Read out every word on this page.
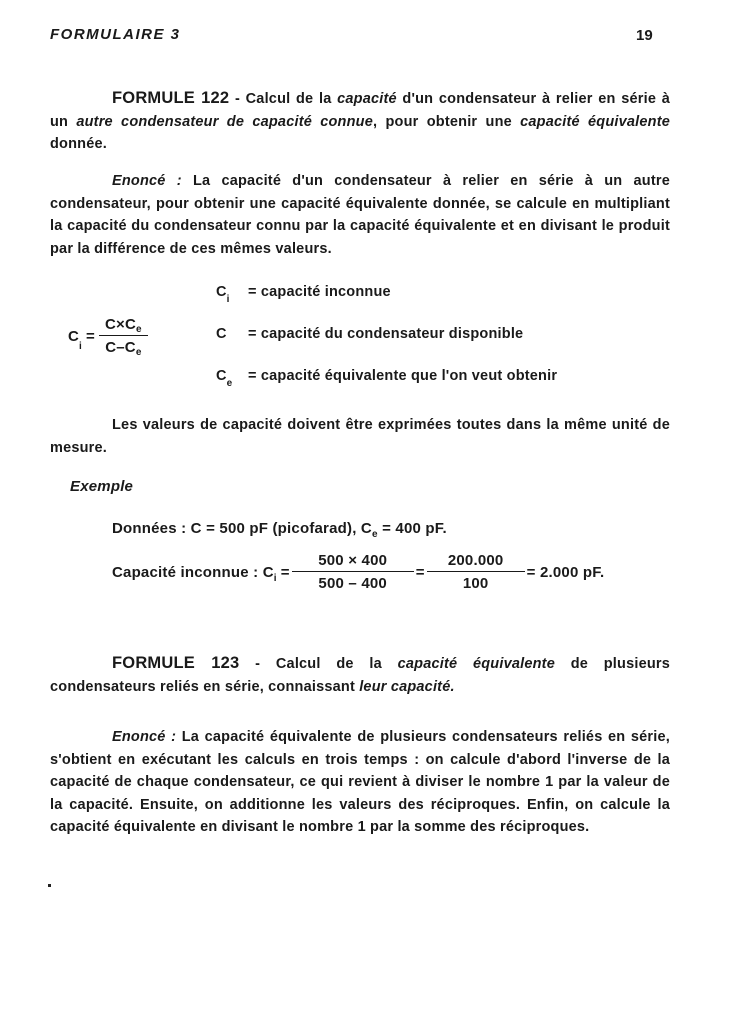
FORMULAIRE 3	19
FORMULE 122 - Calcul de la capacité d'un condensateur à relier en série à un autre condensateur de capacité connue, pour obtenir une capacité équivalente donnée.
Enoncé : La capacité d'un condensateur à relier en série à un autre condensateur, pour obtenir une capacité équivalente donnée, se calcule en multipliant la capacité du condensateur connu par la capacité équivalente et en divisant le produit par la différence de ces mêmes valeurs.
C
i
= $\frac{C\times C_e}{C-C_e}$
$C_i$ = capacité inconnue
C = capacité du condensateur disponible
$C_e$ = capacité équivalente que l'on veut obtenir
Les valeurs de capacité doivent être exprimées toutes dans la même unité de mesure.
Exemple
Données : C = 500 pF (picofarad), $C_e = 400$ pF.
Capacité inconnue : C $i = \frac{500 \times 400}{500 - 400} = \frac{200.000}{100} = 2.000$ pF.
FORMULE 123 - Calcul de la capacité équivalente de plusieurs condensateurs reliés en série, connaissant leur capacité.
Enoncé : La capacité équivalente de plusieurs condensateurs reliés en série, s'obtient en exécutant les calculs en trois temps : on calcule d'abord l'inverse de la capacité de chaque condensateur, ce qui revient à diviser le nombre 1 par la valeur de la capacité. Ensuite, on additionne les valeurs des réciproques. Enfin, on calcule la capacité équivalente en divisant le nombre 1 par la somme des réciproques.
